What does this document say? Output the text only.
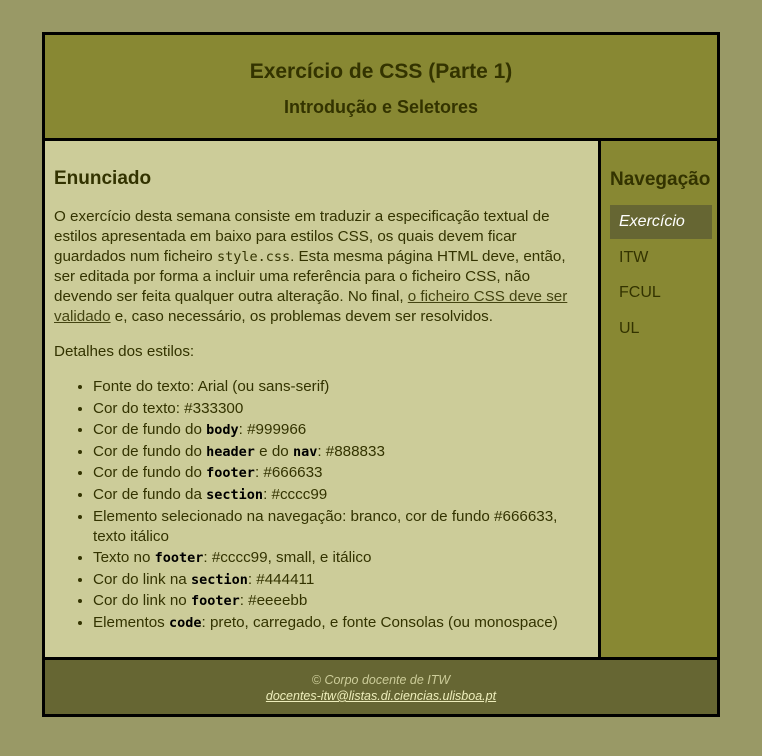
Exercício de CSS (Parte 1)
Introdução e Seletores
Enunciado

O exercício desta semana consiste em traduzir a especificação textual de estilos apresentada em baixo para estilos CSS, os quais devem ficar guardados num ficheiro style.css. Esta mesma página HTML deve, então, ser editada por forma a incluir uma referência para o ficheiro CSS, não devendo ser feita qualquer outra alteração. No final, o ficheiro CSS deve ser validado e, caso necessário, os problemas devem ser resolvidos.

Detalhes dos estilos:

• Fonte do texto: Arial (ou sans-serif)
• Cor do texto: #333300
• Cor de fundo do body: #999966
• Cor de fundo do header e do nav: #888833
• Cor de fundo do footer: #666633
• Cor de fundo da section: #cccc99
• Elemento selecionado na navegação: branco, cor de fundo #666633, texto itálico
• Texto no footer: #cccc99, small, e itálico
• Cor do link na section: #444411
• Cor do link no footer: #eeeebb
• Elementos code: preto, carregado, e fonte Consolas (ou monospace)
Navegação
Exercício
ITW
FCUL
UL
© Corpo docente de ITW
docentes-itw@listas.di.ciencias.ulisboa.pt
